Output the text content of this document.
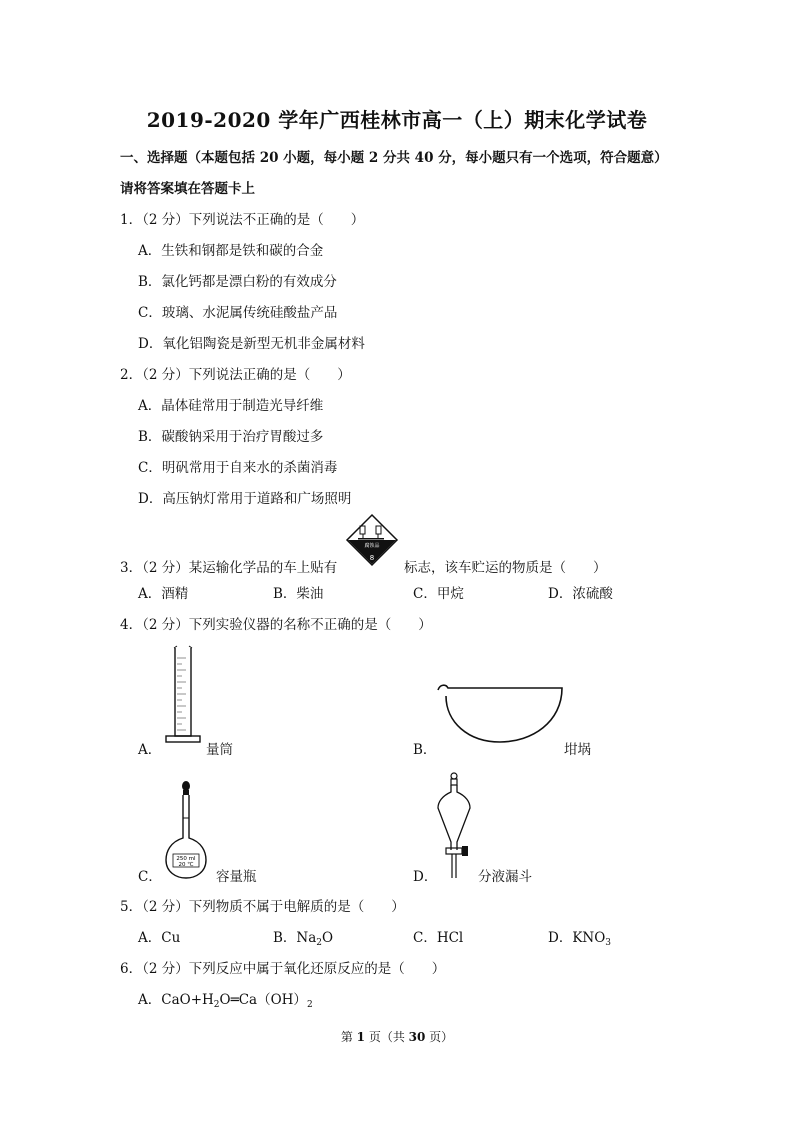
2019-2020 学年广西桂林市高一（上）期末化学试卷
一、选择题（本题包括 20 小题，每小题 2 分共 40 分，每小题只有一个选项，符合题意）
请将答案填在答题卡上
1．（2 分）下列说法不正确的是（　　）
A．生铁和钢都是铁和碳的合金
B．氯化钙都是漂白粉的有效成分
C．玻璃、水泥属传统硅酸盐产品
D．氧化铝陶瓷是新型无机非金属材料
2．（2 分）下列说法正确的是（　　）
A．晶体硅常用于制造光导纤维
B．碳酸钠采用于治疗胃酸过多
C．明矾常用于自来水的杀菌消毒
D．高压钠灯常用于道路和广场照明
3．（2 分）某运输化学品的车上贴有
腐蚀品
8
标志，该车贮运的物质是（　　）
A．酒精	B．柴油	C．甲烷	D．浓硫酸
4．（2 分）下列实验仪器的名称不正确的是（　　）
A．	量筒	B．	坩埚
250 ml
20 ℃
C．	容量瓶	D．	分液漏斗
5．（2 分）下列物质不属于电解质的是（　　）
A．Cu	B．$Na_2O$	C．HCl	D．$KNO_3$
6．（2 分）下列反应中属于氧化还原反应的是（　　）
A．$CaO+H_2O═Ca(OH)_2$
第 1 页（共 30 页）
